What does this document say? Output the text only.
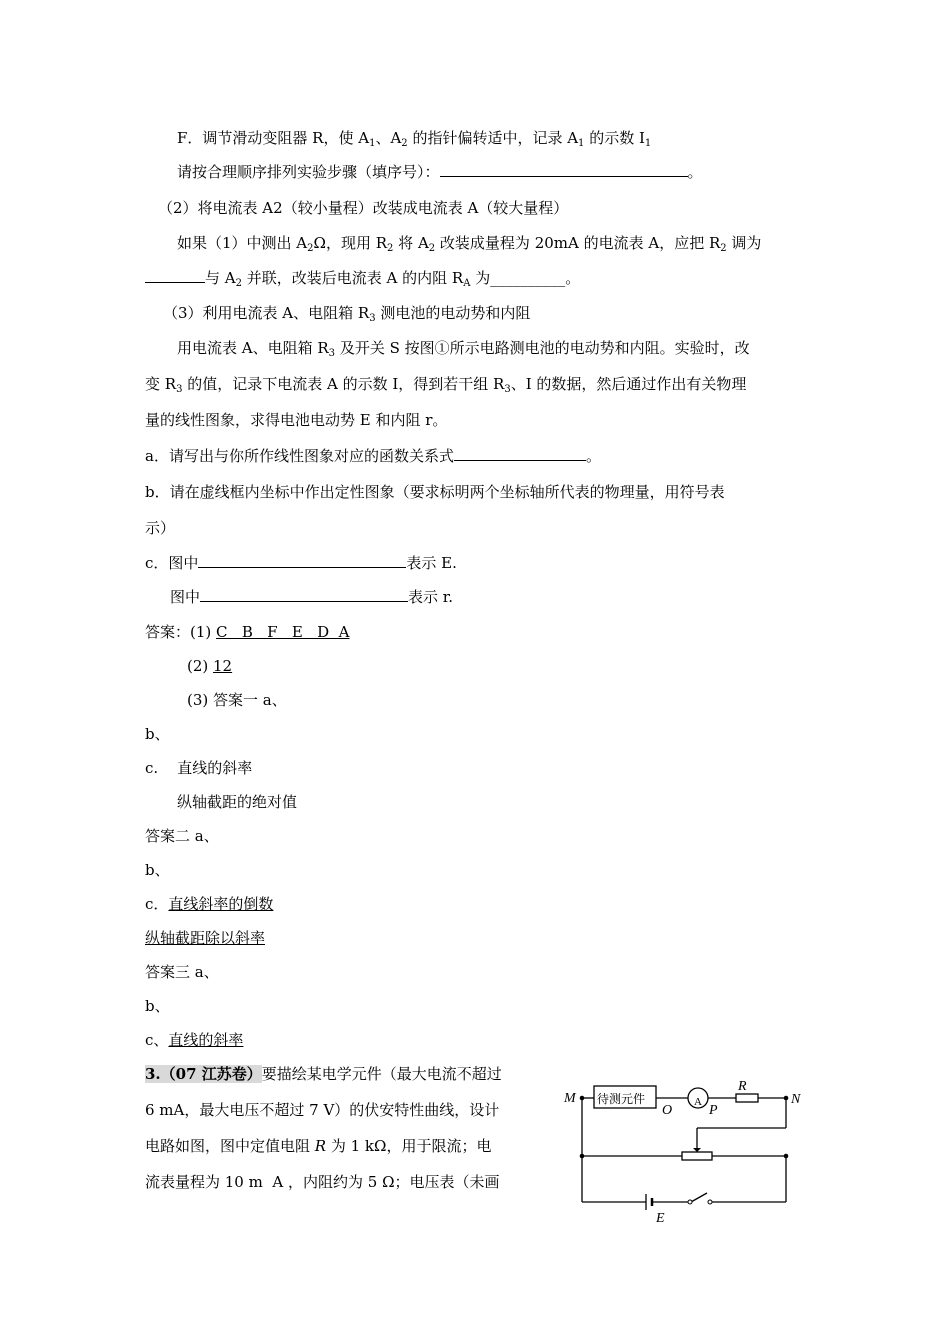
F．调节滑动变阻器 R，使 $A_1$、$A_2$ 的指针偏转适中，记录 $A_1$ 的示数 $I_1$
请按合理顺序排列实验步骤（填序号）：	。
（2）将电流表 A2（较小量程）改装成电流表 A（较大量程）
如果（1）中测出 $A_2\Omega$，现用 $R_2$ 将 $A_2$ 改装成量程为 20mA 的电流表 A，应把 $R_2$ 调为
与 $A_2$ 并联，改装后电流表 A 的内阻 $R_A$ 为__________。
（3）利用电流表 A、电阻箱 $R_3$ 测电池的电动势和内阻
用电流表 A、电阻箱 $R_3$ 及开关 S 按图①所示电路测电池的电动势和内阻。实验时，改
变 $R_3$ 的值，记录下电流表 A 的示数 I，得到若干组 $R_3$、I 的数据，然后通过作出有关物理
量的线性图象，求得电池电动势 E 和内阻 r。
a．请写出与你所作线性图象对应的函数关系式	。
b．请在虚线框内坐标中作出定性图象（要求标明两个坐标轴所代表的物理量，用符号表
示）
c．图中	表示 E.
图中	表示 r.
答案：(1) C   B   F   E   D  A
(2) 12
(3) 答案一 a、
b、
c.    直线的斜率
纵轴截距的绝对值
答案二 a、
b、
c．直线斜率的倒数
纵轴截距除以斜率
答案三 a、
b、
c、直线的斜率
3.（07 江苏卷）要描绘某电学元件（最大电流不超过
6 mA，最大电压不超过 7 V）的伏安特性曲线，设计
电路如图，图中定值电阻 R 为 1 kΩ，用于限流；电
流表量程为 10 m  A ，内阻约为 5 Ω；电压表（未画
M	N
O	P
R
E
A
待测元件
